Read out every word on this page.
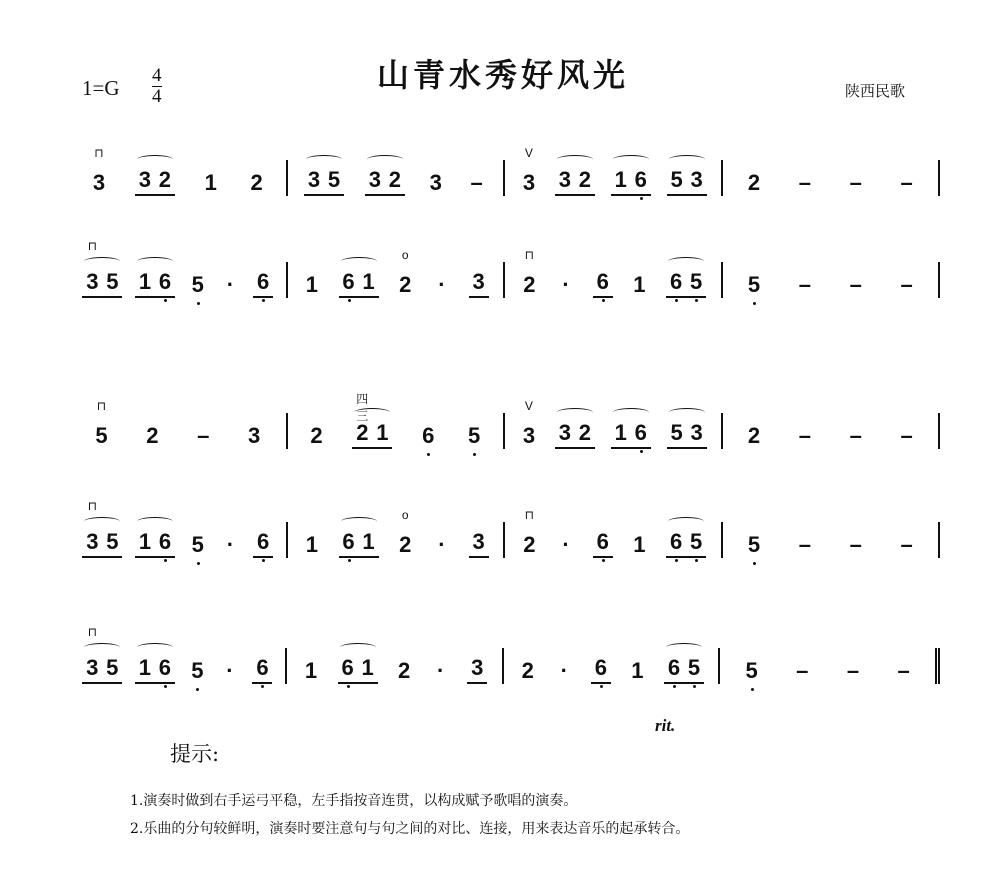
山青水秀好风光
1=G
4
4	陕西民歌
3
⊓
3 2 1 2 3 5 3 2 3 – 3
V
3 2 1 6 5 3 2 – – –
3 5
⊓
1 6 5 · 6 1 6 1 2
o
· 3 2
⊓
· 6 1 6 5 5 – – –
5
⊓
2 – 3 2 2 1
四 三
6 5 3
V
3 2 1 6 5 3 2 – – –
3 5
⊓
1 6 5 · 6 1 6 1 2
o
· 3 2
⊓
· 6 1 6 5 5 – – –
3 5
⊓
1 6 5 · 6 1 6 1 2 · 3 2 · 6 1 6 5 5 – – –
rit.
提示:
1.演奏时做到右手运弓平稳，左手指按音连贯，以构成赋予歌唱的演奏。
2.乐曲的分句较鲜明，演奏时要注意句与句之间的对比、连接，用来表达音乐的起承转合。
